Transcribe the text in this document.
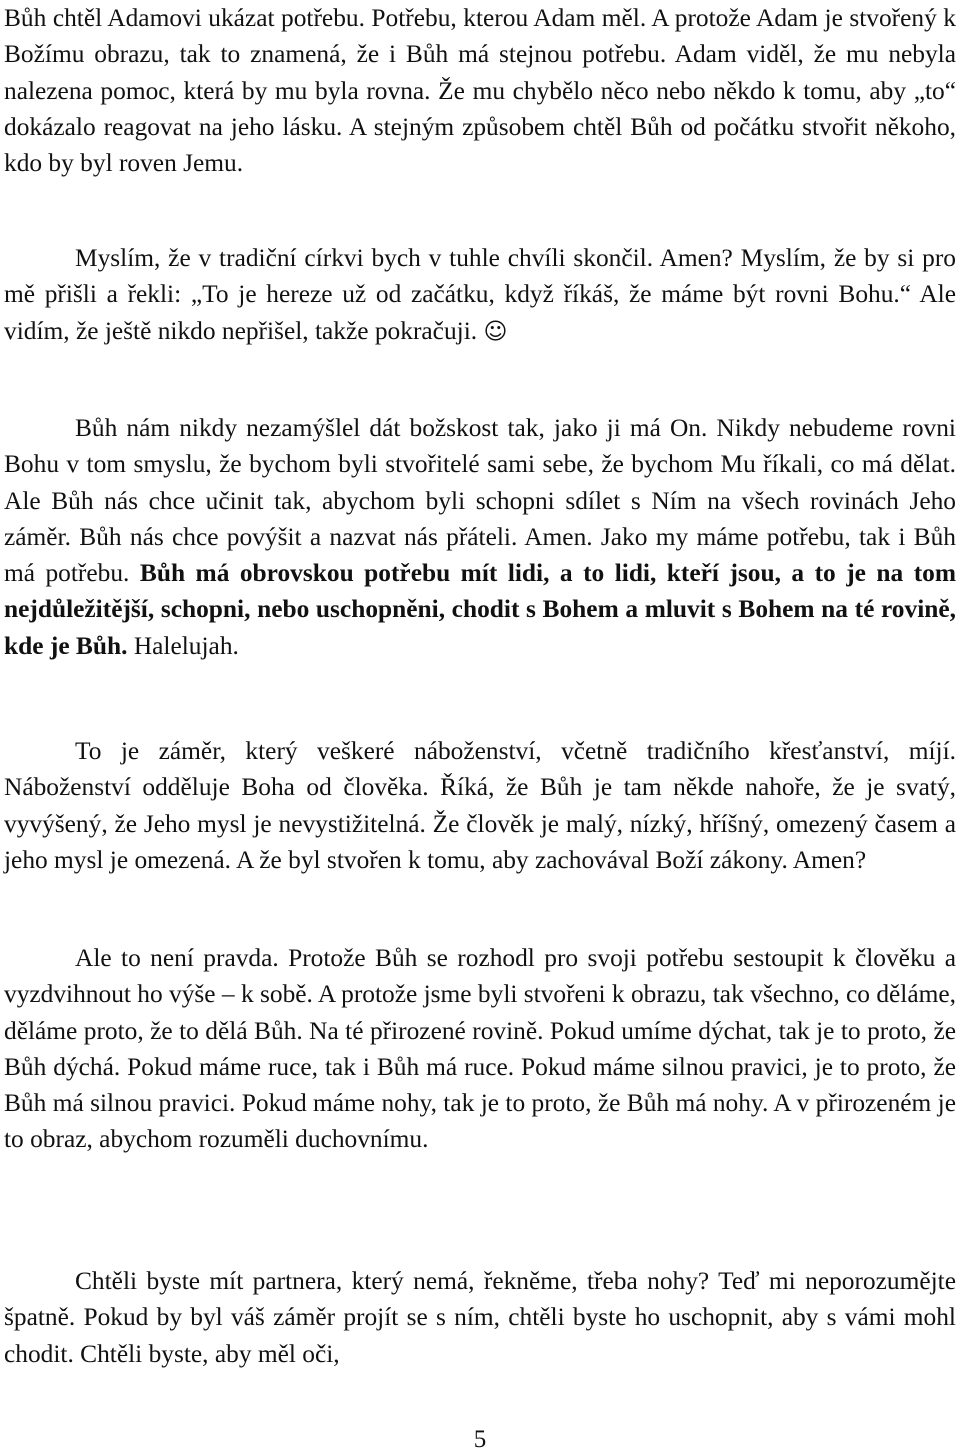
Bůh chtěl Adamovi ukázat potřebu. Potřebu, kterou Adam měl. A protože Adam je stvořený k Božímu obrazu, tak to znamená, že i Bůh má stejnou potřebu. Adam viděl, že mu nebyla nalezena pomoc, která by mu byla rovna. Že mu chybělo něco nebo někdo k tomu, aby „to“ dokázalo reagovat na jeho lásku. A stejným způsobem chtěl Bůh od počátku stvořit někoho, kdo by byl roven Jemu.

Myslím, že v tradiční církvi bych v tuhle chvíli skončil. Amen? Myslím, že by si pro mě přišli a řekli: „To je hereze už od začátku, když říkáš, že máme být rovni Bohu.“ Ale vidím, že ještě nikdo nepřišel, takže pokračuji. ☺

Bůh nám nikdy nezamýšlel dát božskost tak, jako ji má On. Nikdy nebudeme rovni Bohu v tom smyslu, že bychom byli stvořitelé sami sebe, že bychom Mu říkali, co má dělat. Ale Bůh nás chce učinit tak, abychom byli schopni sdílet s Ním na všech rovinách Jeho záměr. Bůh nás chce povýšit a nazvat nás přáteli. Amen. Jako my máme potřebu, tak i Bůh má potřebu. Bůh má obrovskou potřebu mít lidi, a to lidi, kteří jsou, a to je na tom nejdůležitější, schopni, nebo uschopněni, chodit s Bohem a mluvit s Bohem na té rovině, kde je Bůh. Halelujah.

To je záměr, který veškeré náboženství, včetně tradičního křesťanství, míjí. Náboženství odděluje Boha od člověka. Říká, že Bůh je tam někde nahoře, že je svatý, vyvýšený, že Jeho mysl je nevystižitelná. Že člověk je malý, nízký, hříšný, omezený časem a jeho mysl je omezená. A že byl stvořen k tomu, aby zachovával Boží zákony. Amen?

Ale to není pravda. Protože Bůh se rozhodl pro svoji potřebu sestoupit k člověku a vyzdvihnout ho výše – k sobě. A protože jsme byli stvořeni k obrazu, tak všechno, co děláme, děláme proto, že to dělá Bůh. Na té přirozené rovině. Pokud umíme dýchat, tak je to proto, že Bůh dýchá. Pokud máme ruce, tak i Bůh má ruce. Pokud máme silnou pravici, je to proto, že Bůh má silnou pravici. Pokud máme nohy, tak je to proto, že Bůh má nohy. A v přirozeném je to obraz, abychom rozuměli duchovnímu.

Chtěli byste mít partnera, který nemá, řekněme, třeba nohy? Teď mi neporozumějte špatně. Pokud by byl váš záměr projít se s ním, chtěli byste ho uschopnit, aby s vámi mohl chodit. Chtěli byste, aby měl oči,

5
